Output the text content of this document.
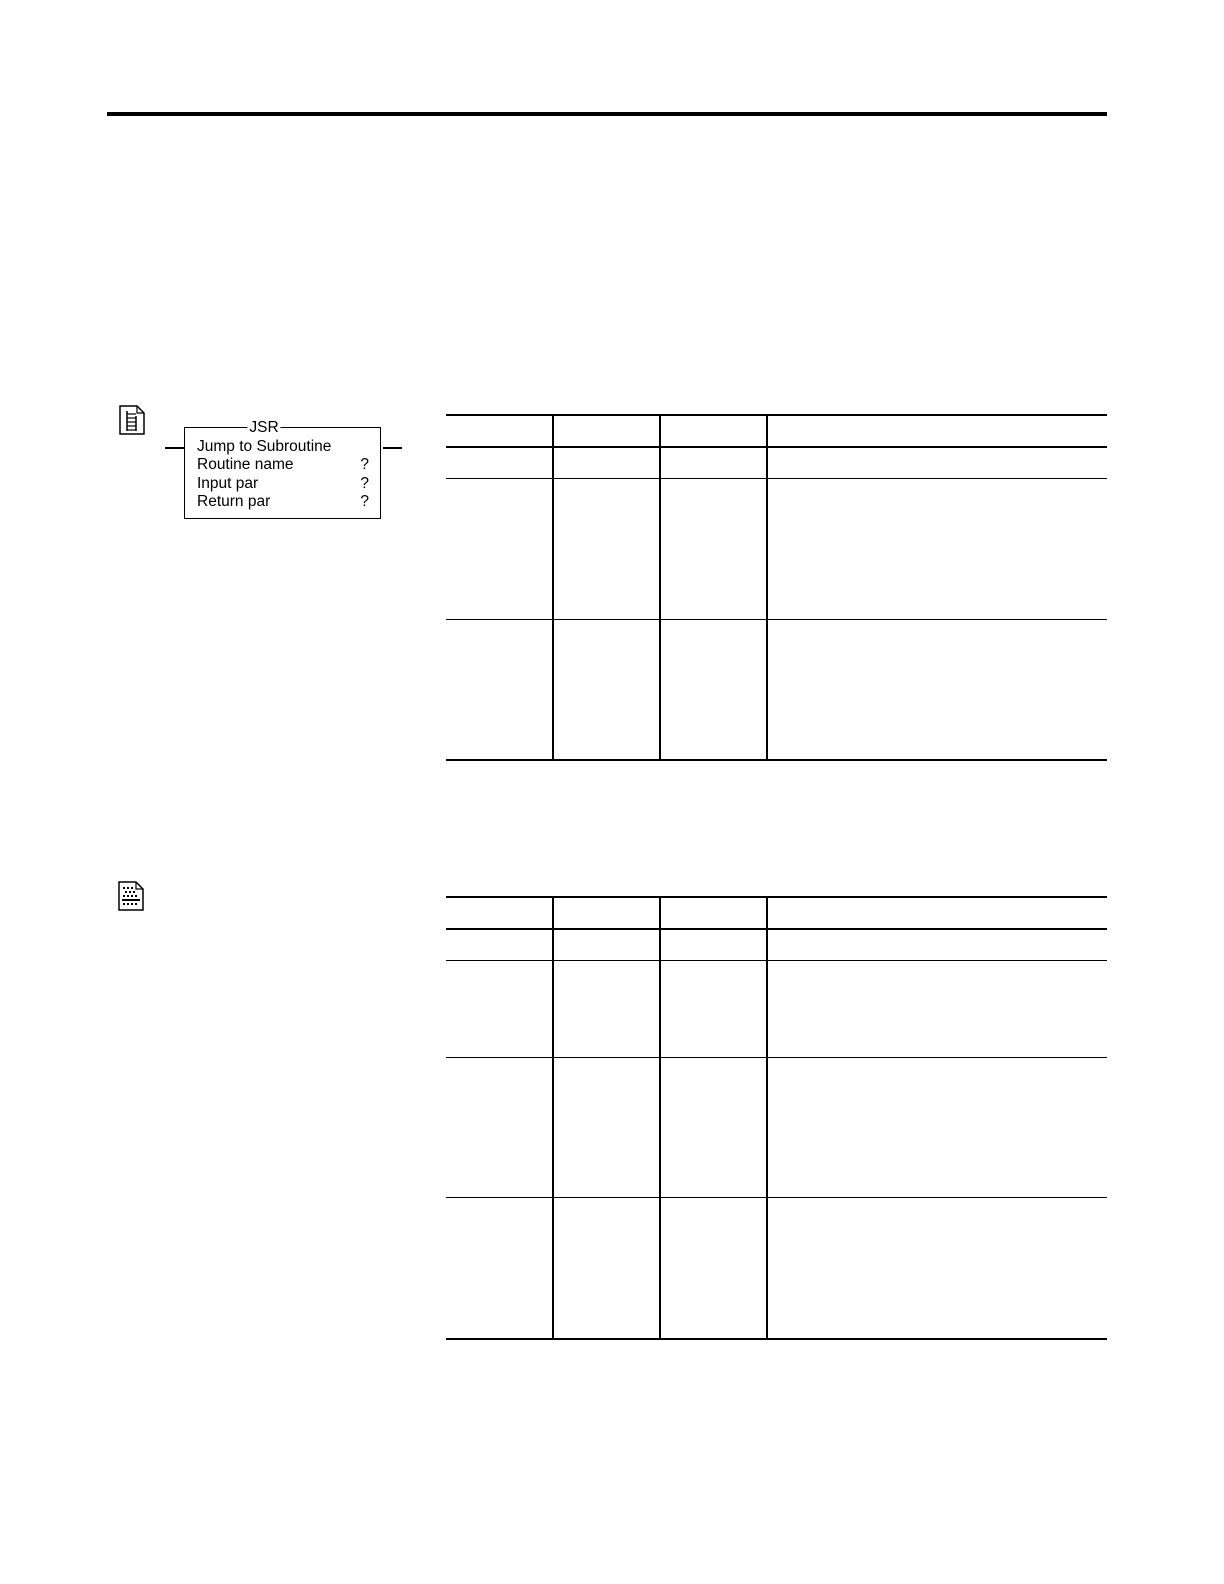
Jump to Subroutine
Routine name	?
Input par	?
Return par	?
JSR
